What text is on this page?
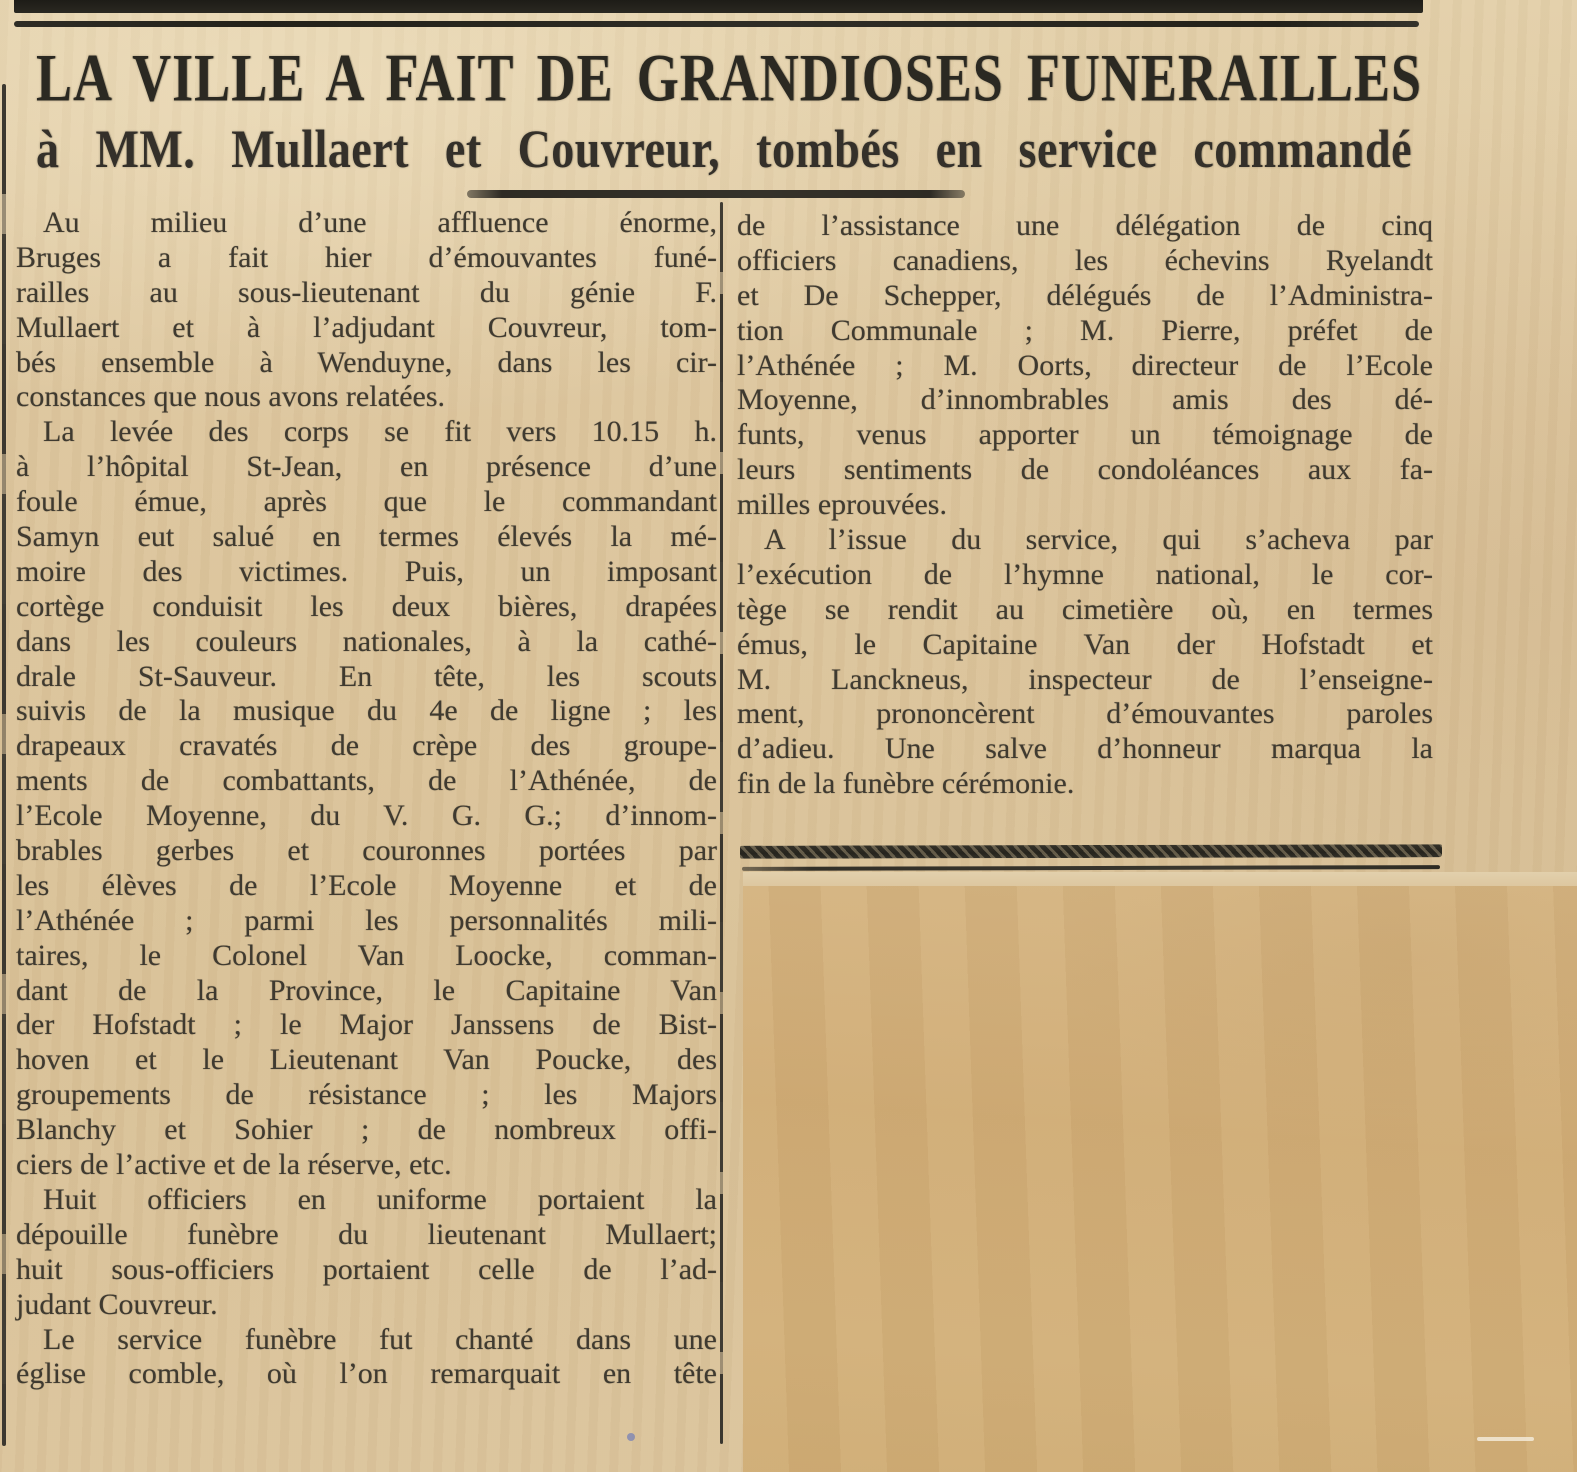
LA VILLE A FAIT DE GRANDIOSES FUNERAILLES
à MM. Mullaert et Couvreur, tombés en service commandé
Au milieu d’une affluence énorme,
Bruges a fait hier d’émouvantes funé-
railles au sous-lieutenant du génie F.
Mullaert et à l’adjudant Couvreur, tom-
bés ensemble à Wenduyne, dans les cir-
constances que nous avons relatées.
La levée des corps se fit vers 10.15 h.
à l’hôpital St-Jean, en présence d’une
foule émue, après que le commandant
Samyn eut salué en termes élevés la mé-
moire des victimes. Puis, un imposant
cortège conduisit les deux bières, drapées
dans les couleurs nationales, à la cathé-
drale St-Sauveur. En tête, les scouts
suivis de la musique du 4e de ligne ; les
drapeaux cravatés de crèpe des groupe-
ments de combattants, de l’Athénée, de
l’Ecole Moyenne, du V. G. G.; d’innom-
brables gerbes et couronnes portées par
les élèves de l’Ecole Moyenne et de
l’Athénée ; parmi les personnalités mili-
taires, le Colonel Van Loocke, comman-
dant de la Province, le Capitaine Van
der Hofstadt ; le Major Janssens de Bist-
hoven et le Lieutenant Van Poucke, des
groupements de résistance ; les Majors
Blanchy et Sohier ; de nombreux offi-
ciers de l’active et de la réserve, etc.
Huit officiers en uniforme portaient la
dépouille funèbre du lieutenant Mullaert;
huit sous-officiers portaient celle de l’ad-
judant Couvreur.
Le service funèbre fut chanté dans une
église comble, où l’on remarquait en tête
de l’assistance une délégation de cinq
officiers canadiens, les échevins Ryelandt
et De Schepper, délégués de l’Administra-
tion Communale ; M. Pierre, préfet de
l’Athénée ; M. Oorts, directeur de l’Ecole
Moyenne, d’innombrables amis des dé-
funts, venus apporter un témoignage de
leurs sentiments de condoléances aux fa-
milles eprouvées.
A l’issue du service, qui s’acheva par
l’exécution de l’hymne national, le cor-
tège se rendit au cimetière où, en termes
émus, le Capitaine Van der Hofstadt et
M. Lanckneus, inspecteur de l’enseigne-
ment, prononcèrent d’émouvantes paroles
d’adieu. Une salve d’honneur marqua la
fin de la funèbre cérémonie.
